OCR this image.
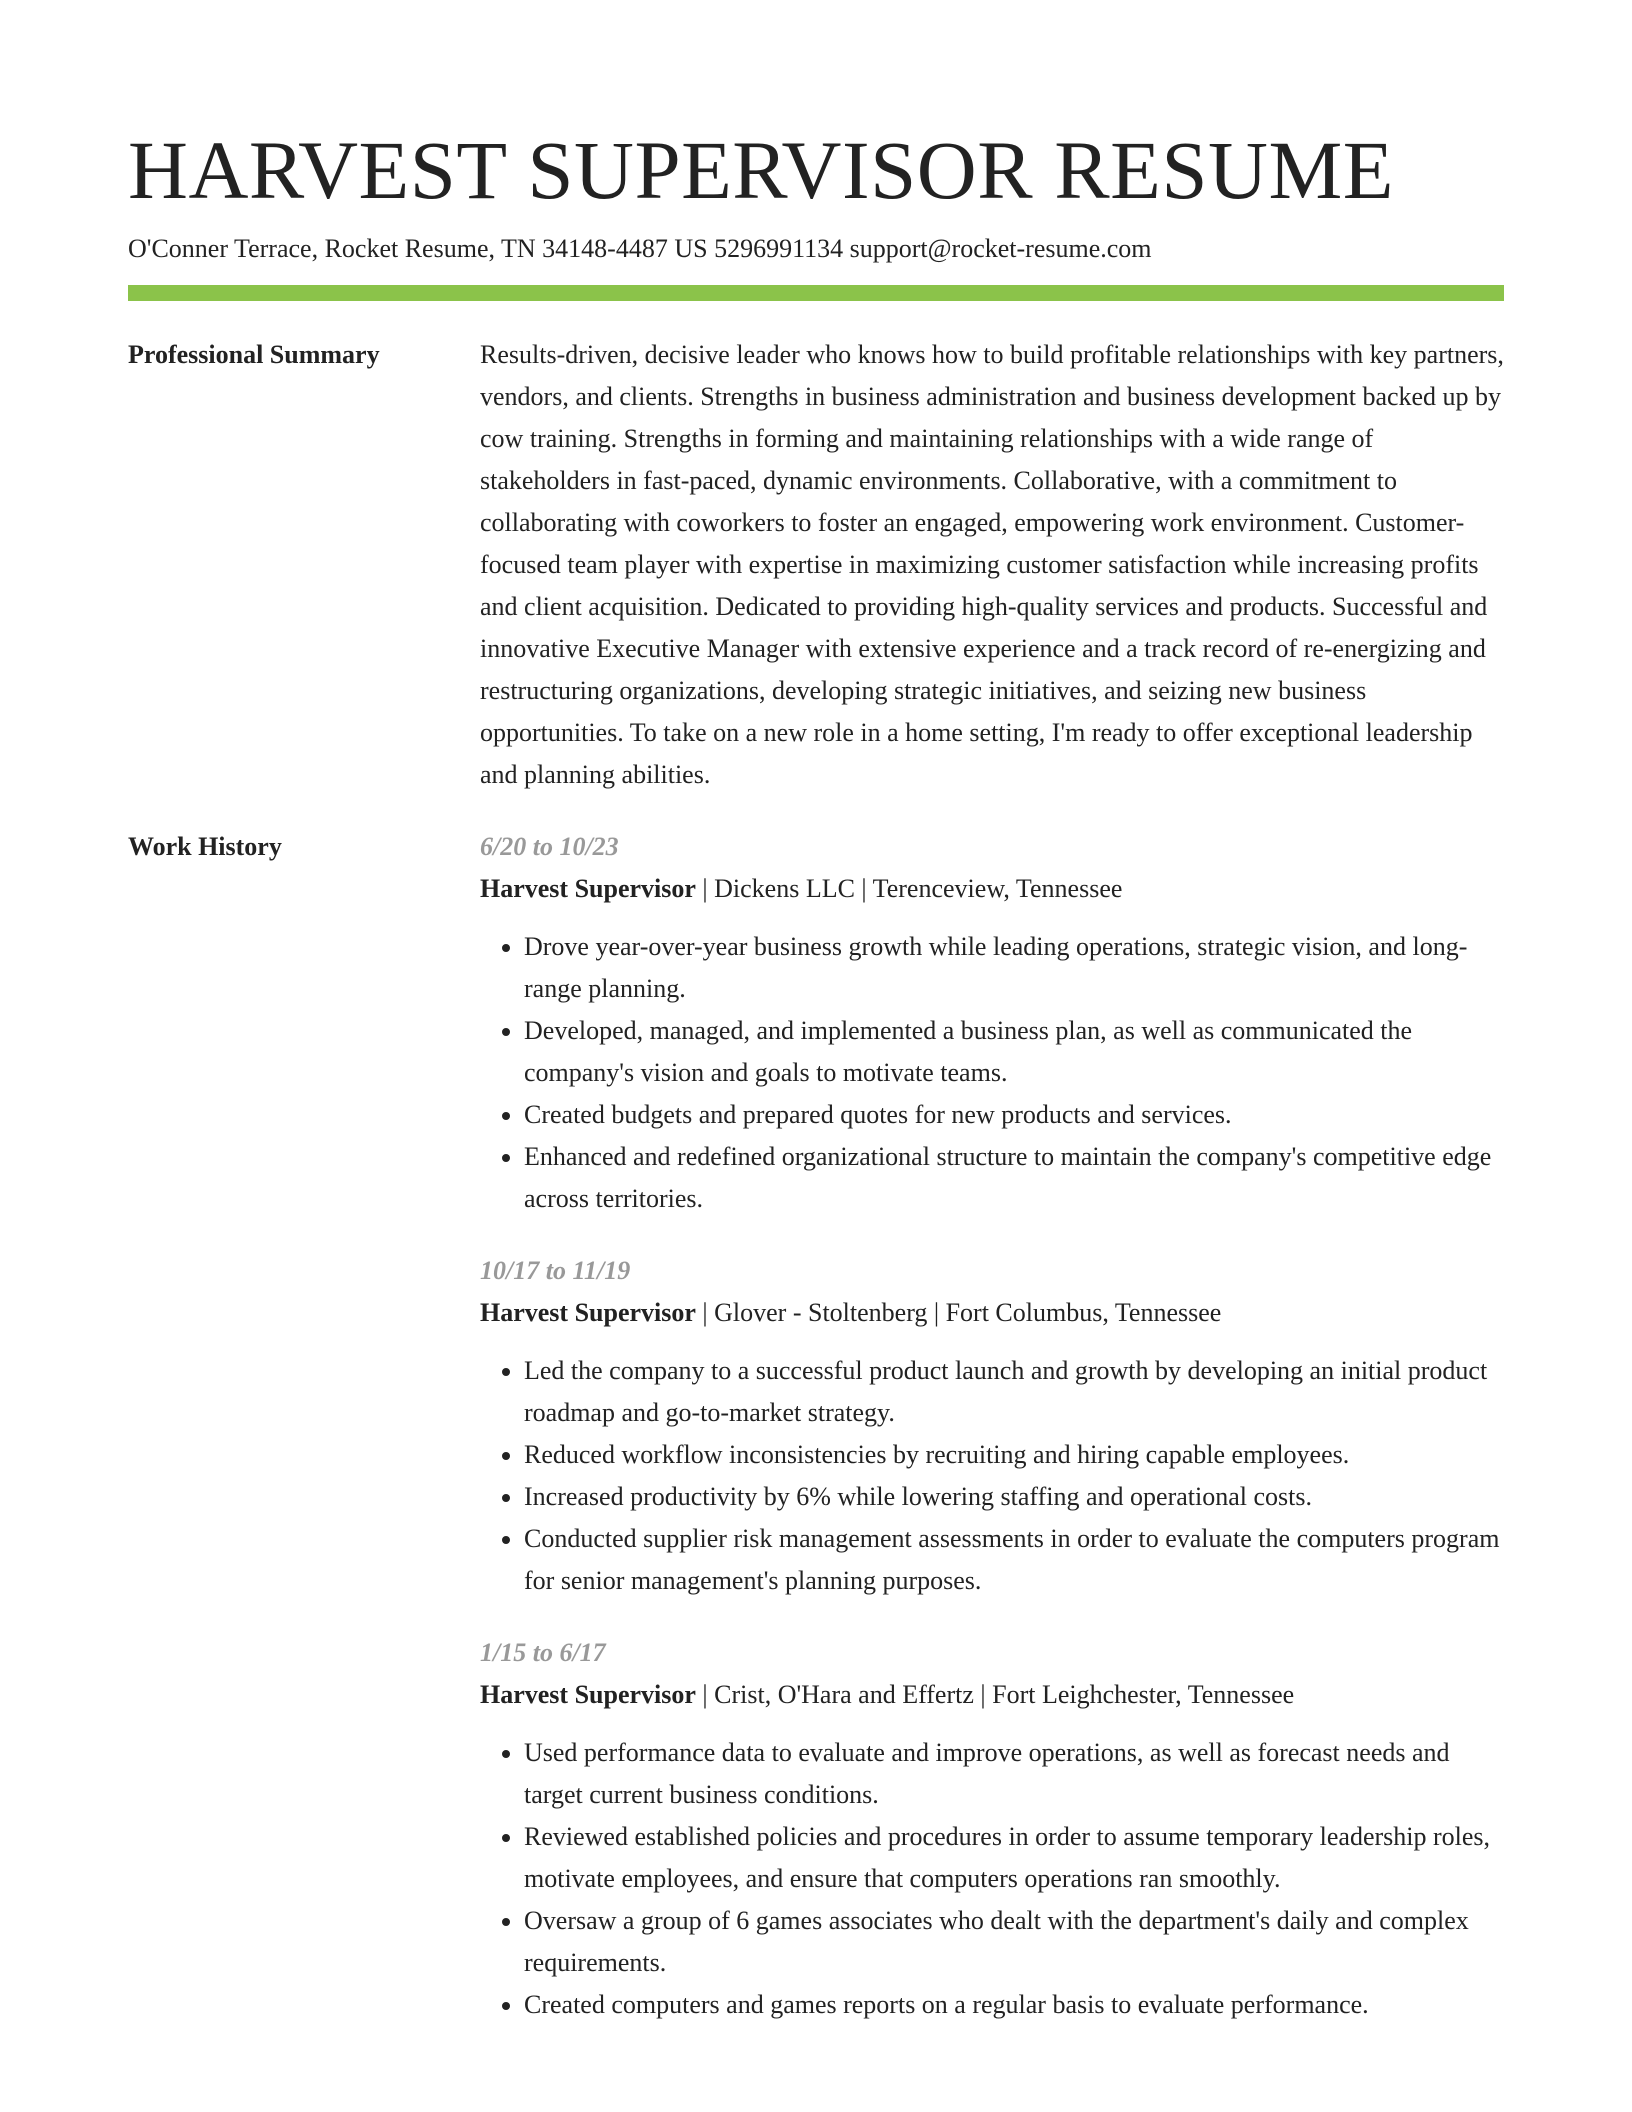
HARVEST SUPERVISOR RESUME
O'Conner Terrace, Rocket Resume, TN 34148-4487 US 5296991134 support@rocket-resume.com
Professional Summary	Results-driven, decisive leader who knows how to build profitable relationships with key partners, vendors, and clients. Strengths in business administration and business development backed up by cow training. Strengths in forming and maintaining relationships with a wide range of stakeholders in fast-paced, dynamic environments. Collaborative, with a commitment to collaborating with coworkers to foster an engaged, empowering work environment. Customer-focused team player with expertise in maximizing customer satisfaction while increasing profits and client acquisition. Dedicated to providing high-quality services and products. Successful and innovative Executive Manager with extensive experience and a track record of re-energizing and restructuring organizations, developing strategic initiatives, and seizing new business opportunities. To take on a new role in a home setting, I'm ready to offer exceptional leadership and planning abilities.

Work History	6/20 to 10/23
Harvest Supervisor | Dickens LLC | Terenceview, Tennessee
• Drove year-over-year business growth while leading operations, strategic vision, and long-range planning.
• Developed, managed, and implemented a business plan, as well as communicated the company's vision and goals to motivate teams.
• Created budgets and prepared quotes for new products and services.
• Enhanced and redefined organizational structure to maintain the company's competitive edge across territories.
10/17 to 11/19
Harvest Supervisor | Glover - Stoltenberg | Fort Columbus, Tennessee
• Led the company to a successful product launch and growth by developing an initial product roadmap and go-to-market strategy.
• Reduced workflow inconsistencies by recruiting and hiring capable employees.
• Increased productivity by 6% while lowering staffing and operational costs.
• Conducted supplier risk management assessments in order to evaluate the computers program for senior management's planning purposes.
1/15 to 6/17
Harvest Supervisor | Crist, O'Hara and Effertz | Fort Leighchester, Tennessee
• Used performance data to evaluate and improve operations, as well as forecast needs and target current business conditions.
• Reviewed established policies and procedures in order to assume temporary leadership roles, motivate employees, and ensure that computers operations ran smoothly.
• Oversaw a group of 6 games associates who dealt with the department's daily and complex requirements.
• Created computers and games reports on a regular basis to evaluate performance.
